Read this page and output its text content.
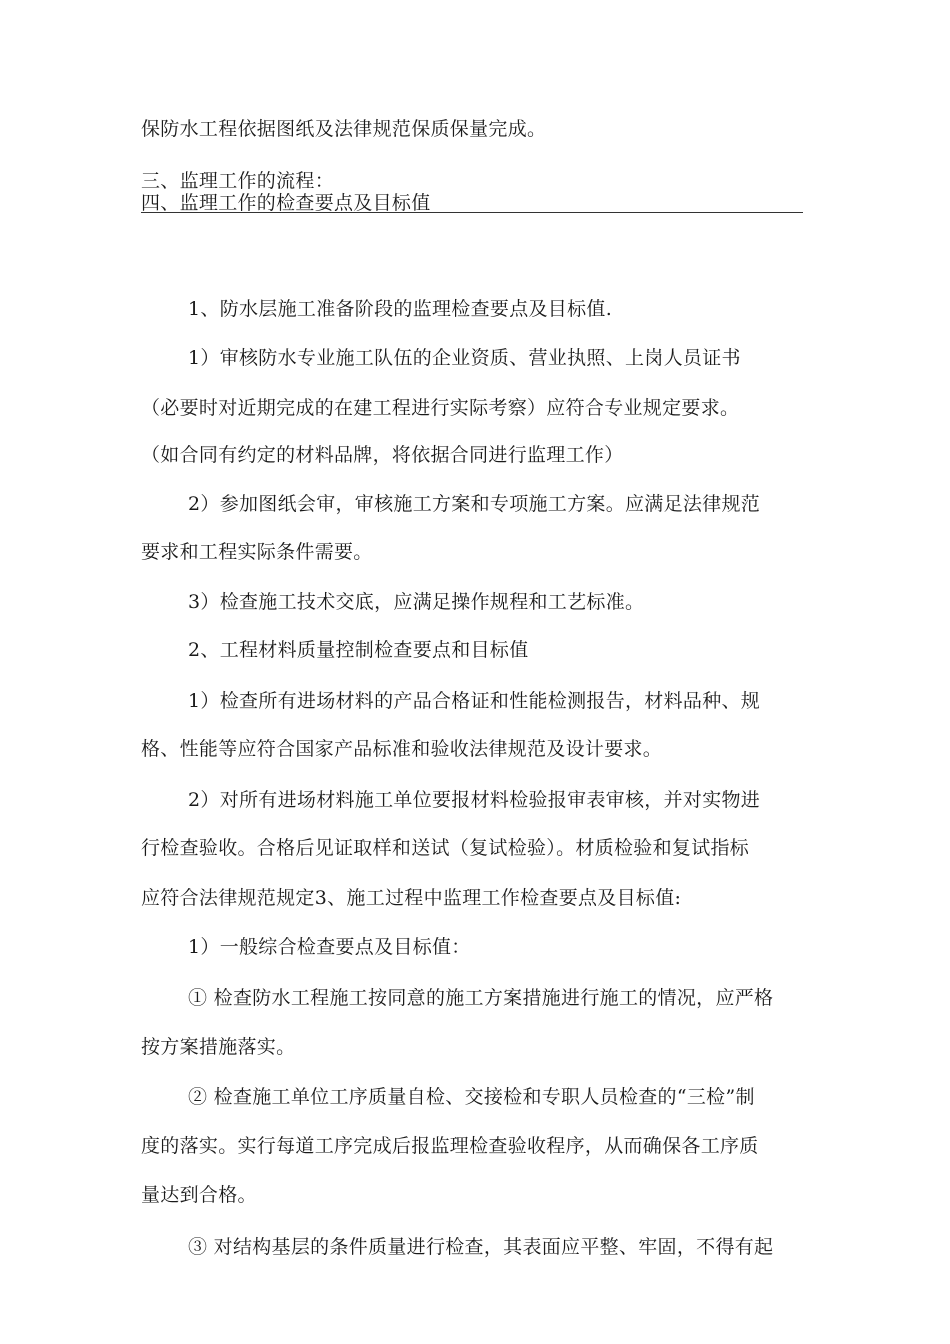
保防水工程依据图纸及法律规范保质保量完成。
三、监理工作的流程：
四、监理工作的检查要点及目标值
1、防水层施工准备阶段的监理检查要点及目标值.
1）审核防水专业施工队伍的企业资质、营业执照、上岗人员证书
（必要时对近期完成的在建工程进行实际考察）应符合专业规定要求。
（如合同有约定的材料品牌，将依据合同进行监理工作）
2）参加图纸会审，审核施工方案和专项施工方案。应满足法律规范
要求和工程实际条件需要。
3）检查施工技术交底，应满足操作规程和工艺标准。
2、工程材料质量控制检查要点和目标值
1）检查所有进场材料的产品合格证和性能检测报告，材料品种、规
格、性能等应符合国家产品标准和验收法律规范及设计要求。
2）对所有进场材料施工单位要报材料检验报审表审核，并对实物进
行检查验收。合格后见证取样和送试（复试检验）。材质检验和复试指标
应符合法律规范规定3、施工过程中监理工作检查要点及目标值:
1）一般综合检查要点及目标值：
① 检查防水工程施工按同意的施工方案措施进行施工的情况，应严格
按方案措施落实。
② 检查施工单位工序质量自检、交接检和专职人员检查的“三检”制
度的落实。实行每道工序完成后报监理检查验收程序，从而确保各工序质
量达到合格。
③ 对结构基层的条件质量进行检查，其表面应平整、牢固，不得有起
